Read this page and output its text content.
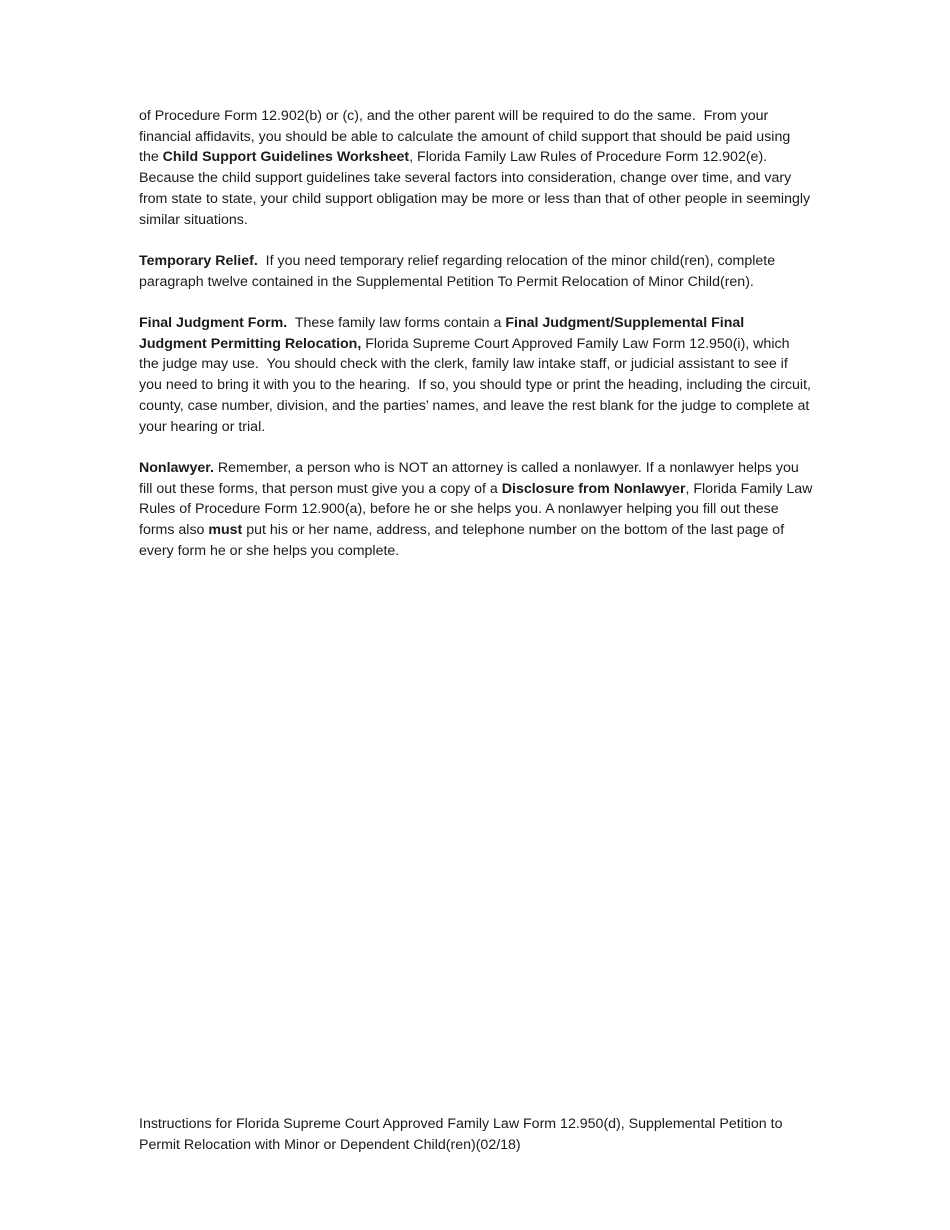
of Procedure Form 12.902(b) or (c), and the other parent will be required to do the same.  From your financial affidavits, you should be able to calculate the amount of child support that should be paid using the Child Support Guidelines Worksheet, Florida Family Law Rules of Procedure Form 12.902(e).  Because the child support guidelines take several factors into consideration, change over time, and vary from state to state, your child support obligation may be more or less than that of other people in seemingly similar situations.

Temporary Relief.  If you need temporary relief regarding relocation of the minor child(ren), complete paragraph twelve contained in the Supplemental Petition To Permit Relocation of Minor Child(ren).

Final Judgment Form.  These family law forms contain a Final Judgment/Supplemental Final Judgment Permitting Relocation, Florida Supreme Court Approved Family Law Form 12.950(i), which the judge may use.  You should check with the clerk, family law intake staff, or judicial assistant to see if you need to bring it with you to the hearing.  If so, you should type or print the heading, including the circuit, county, case number, division, and the parties’ names, and leave the rest blank for the judge to complete at your hearing or trial.

Nonlawyer. Remember, a person who is NOT an attorney is called a nonlawyer. If a nonlawyer helps you fill out these forms, that person must give you a copy of a Disclosure from Nonlawyer, Florida Family Law Rules of Procedure Form 12.900(a), before he or she helps you. A nonlawyer helping you fill out these forms also must put his or her name, address, and telephone number on the bottom of the last page of every form he or she helps you complete.

Instructions for Florida Supreme Court Approved Family Law Form 12.950(d), Supplemental Petition to Permit Relocation with Minor or Dependent Child(ren)(02/18)
